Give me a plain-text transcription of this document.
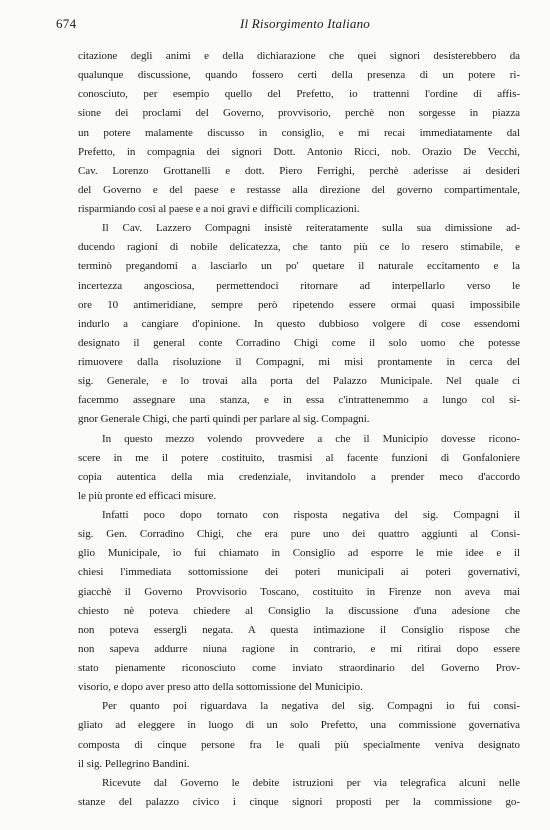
674	Il Risorgimento Italiano
citazione degli animi e della dichiarazione che quei signori desisterebbero da
qualunque discussione, quando fossero certi della presenza di un potere ri-
conosciuto, per esempio quello del Prefetto, io trattenni l'ordine di affis-
sione dei proclami del Governo, provvisorio, perchè non sorgesse in piazza
un potere malamente discusso in consiglio, e mi recai immediatamente dal
Prefetto, in compagnia dei signori Dott. Antonio Ricci, nob. Orazio De Vecchi,
Cav. Lorenzo Grottanelli e dott. Piero Ferrighi, perchè aderisse ai desideri
del Governo e del paese e restasse alla direzione del governo compartimentale,
risparmiando così al paese e a noi gravi e difficili complicazioni.
Il Cav. Lazzero Compagni insistè reiteratamente sulla sua dimissione ad-
ducendo ragioni di nobile delicatezza, che tanto più ce lo resero stimabile, e
terminò pregandomi a lasciarlo un po' quetare il naturale eccitamento e la
incertezza angosciosa, permettendoci ritornare ad interpellarlo verso le
ore 10 antimeridiane, sempre però ripetendo essere ormai quasi impossibile
indurlo a cangiare d'opinione. In questo dubbioso volgere di cose essendomi
designato il general conte Corradino Chigi come il solo uomo che potesse
rimuovere dalla risoluzione il Compagni, mi misi prontamente in cerca del
sig. Generale, e lo trovai alla porta del Palazzo Municipale. Nel quale ci
facemmo assegnare una stanza, e in essa c'intrattenemmo a lungo col si-
gnor Generale Chigi, che partì quindi per parlare al sig. Compagni.
In questo mezzo volendo provvedere a che il Municipio dovesse ricono-
scere in me il potere costituito, trasmisi al facente funzioni di Gonfaloniere
copia autentica della mia credenziale, invitandolo a prender meco d'accordo
le più pronte ed efficaci misure.
Infatti poco dopo tornato con risposta negativa del sig. Compagni il
sig. Gen. Corradino Chigi, che era pure uno dei quattro aggiunti al Consi-
glio Municipale, io fui chiamato in Consiglio ad esporre le mie idee e il
chiesi l'immediata sottomissione dei poteri municipali ai poteri governativi,
giacchè il Governo Provvisorio Toscano, costituito in Firenze non aveva mai
chiesto nè poteva chiedere al Consiglio la discussione d'una adesione che
non poteva essergli negata. A questa intimazione il Consiglio rispose che
non sapeva addurre niuna ragione in contrario, e mi ritirai dopo essere
stato pienamente riconosciuto come inviato straordinario del Governo Prov-
visorio, e dopo aver preso atto della sottomissione del Municipio.
Per quanto poi riguardava la negativa del sig. Compagni io fui consi-
gliato ad eleggere in luogo di un solo Prefetto, una commissione governativa
composta di cinque persone fra le quali più specialmente veniva designato
il sig. Pellegrino Bandini.
Ricevute dal Governo le debite istruzioni per via telegrafica alcuni nelle
stanze del palazzo civico i cinque signori proposti per la commissione go-
